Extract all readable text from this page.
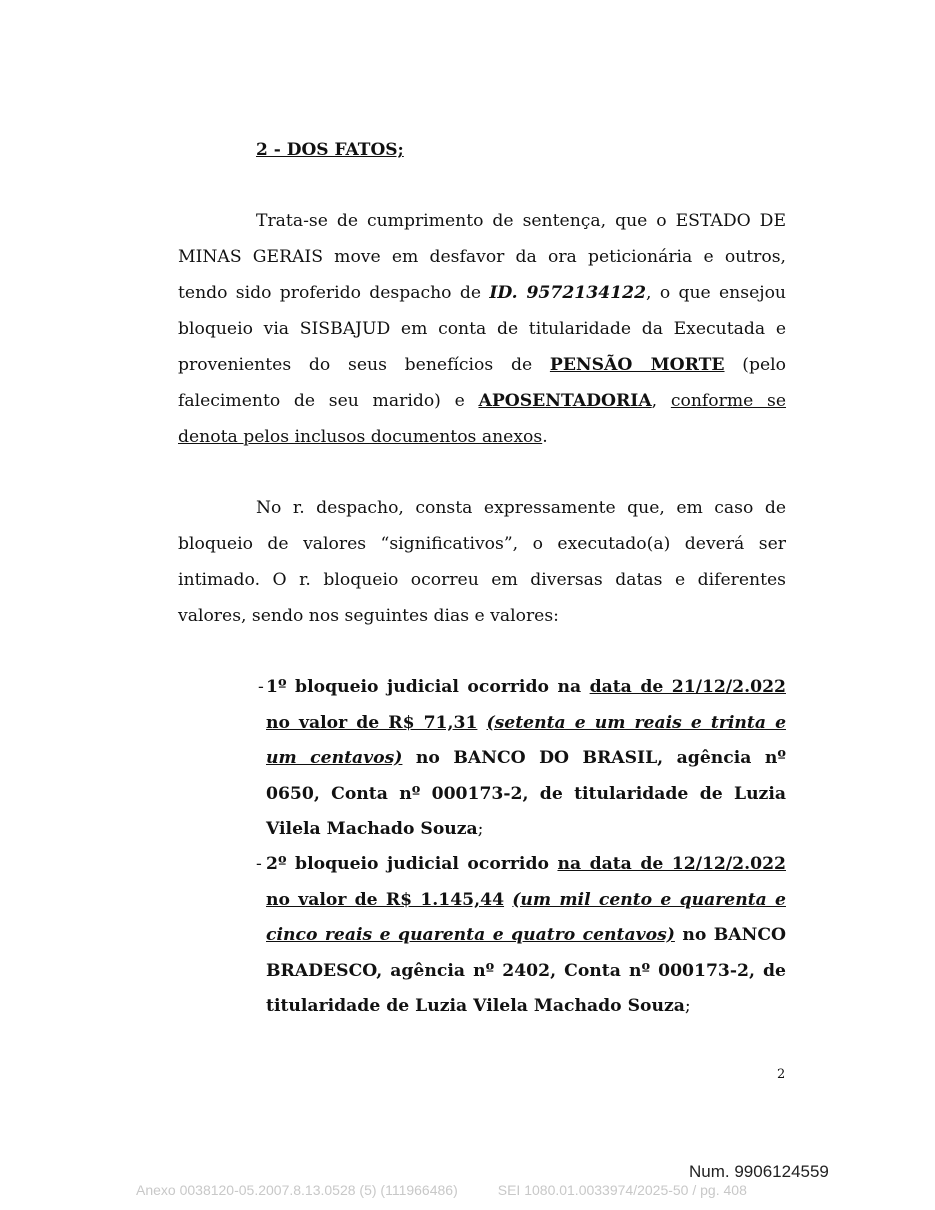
2 - DOS FATOS;

Trata-se de cumprimento de sentença, que o ESTADO DE MINAS GERAIS move em desfavor da ora peticionária e outros, tendo sido proferido despacho de ID. 9572134122, o que ensejou bloqueio via SISBAJUD em conta de titularidade da Executada e provenientes do seus benefícios de PENSÃO MORTE (pelo falecimento de seu marido) e APOSENTADORIA, conforme se denota pelos inclusos documentos anexos.

No r. despacho, consta expressamente que, em caso de bloqueio de valores “significativos”, o executado(a) deverá ser intimado. O r. bloqueio ocorreu em diversas datas e diferentes valores, sendo nos seguintes dias e valores:

- 1º bloqueio judicial ocorrido na data de 21/12/2.022 no valor de R$ 71,31 (setenta e um reais e trinta e um centavos) no BANCO DO BRASIL, agência nº 0650, Conta nº 000173-2, de titularidade de Luzia Vilela Machado Souza;

- 2º bloqueio judicial ocorrido na data de 12/12/2.022 no valor de R$ 1.145,44 (um mil cento e quarenta e cinco reais e quarenta e quatro centavos) no BANCO BRADESCO, agência nº 2402, Conta nº 000173-2, de titularidade de Luzia Vilela Machado Souza;

2
Num. 9906124559
Anexo 0038120-05.2007.8.13.0528 (5) (111966486)	SEI 1080.01.0033974/2025-50 / pg. 408
